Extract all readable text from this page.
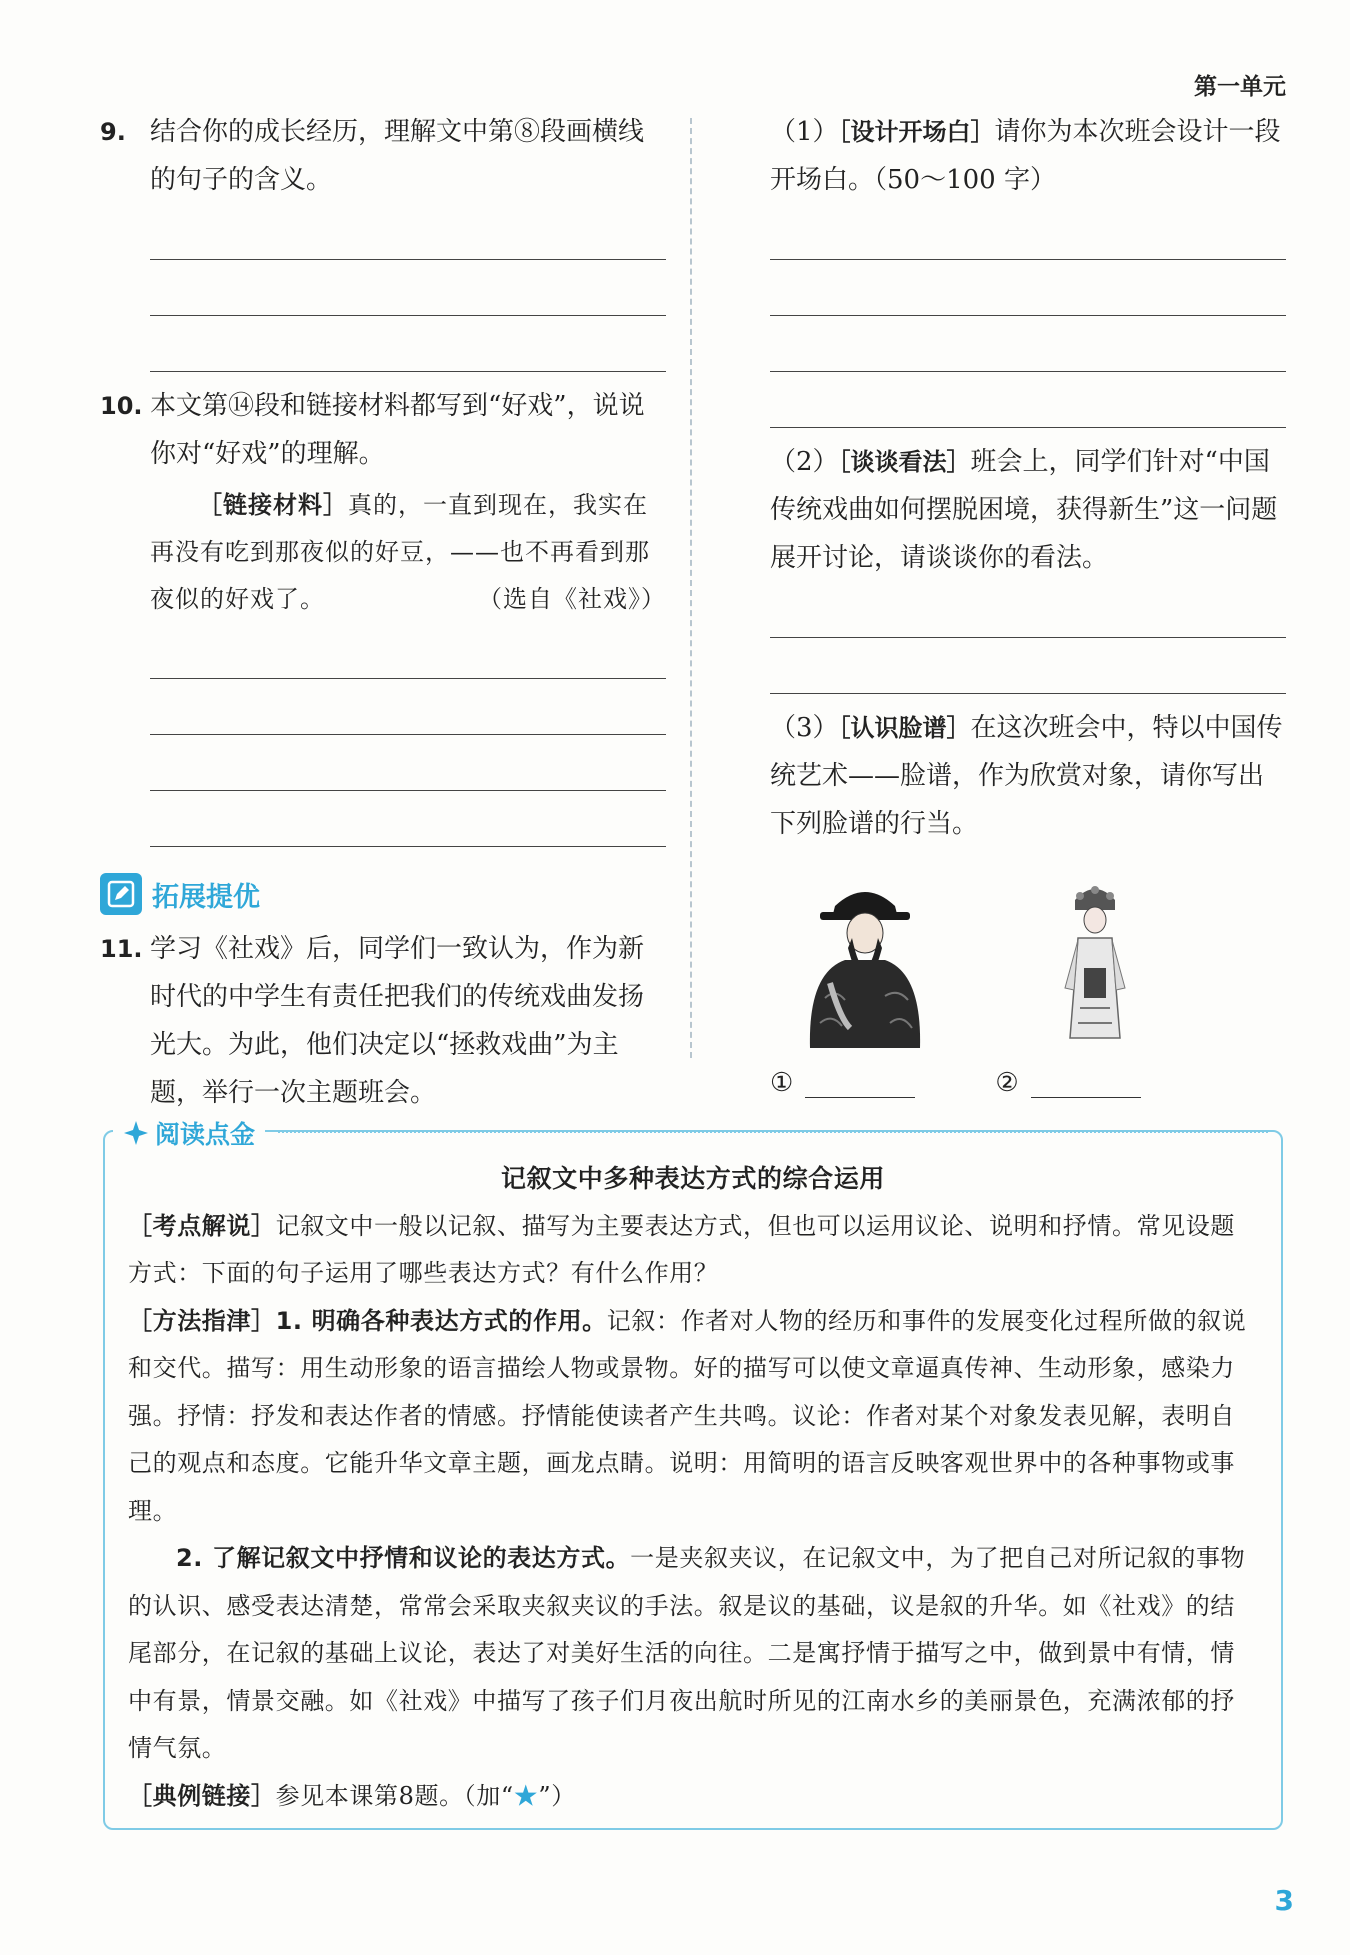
第一单元
9. 结合你的成长经历，理解文中第⑧段画横线的句子的含义。
10. 本文第⑭段和链接材料都写到“好戏”，说说你对“好戏”的理解。
［链接材料］真的，一直到现在，我实在再没有吃到那夜似的好豆，——也不再看到那夜似的好戏了。	（选自《社戏》）
拓展提优
11. 学习《社戏》后，同学们一致认为，作为新时代的中学生有责任把我们的传统戏曲发扬光大。为此，他们决定以“拯救戏曲”为主题，举行一次主题班会。
（1）［设计开场白］请你为本次班会设计一段开场白。（50～100 字）
（2）［谈谈看法］班会上，同学们针对“中国传统戏曲如何摆脱困境，获得新生”这一问题展开讨论，请谈谈你的看法。
（3）［认识脸谱］在这次班会中，特以中国传统艺术——脸谱，作为欣赏对象，请你写出下列脸谱的行当。
①	②
阅读点金
记叙文中多种表达方式的综合运用
［考点解说］记叙文中一般以记叙、描写为主要表达方式，但也可以运用议论、说明和抒情。常见设题方式：下面的句子运用了哪些表达方式？有什么作用？
［方法指津］1. 明确各种表达方式的作用。记叙：作者对人物的经历和事件的发展变化过程所做的叙说和交代。描写：用生动形象的语言描绘人物或景物。好的描写可以使文章逼真传神、生动形象，感染力强。抒情：抒发和表达作者的情感。抒情能使读者产生共鸣。议论：作者对某个对象发表见解，表明自己的观点和态度。它能升华文章主题，画龙点睛。说明：用简明的语言反映客观世界中的各种事物或事理。
2. 了解记叙文中抒情和议论的表达方式。一是夹叙夹议，在记叙文中，为了把自己对所记叙的事物的认识、感受表达清楚，常常会采取夹叙夹议的手法。叙是议的基础，议是叙的升华。如《社戏》的结尾部分，在记叙的基础上议论，表达了对美好生活的向往。二是寓抒情于描写之中，做到景中有情，情中有景，情景交融。如《社戏》中描写了孩子们月夜出航时所见的江南水乡的美丽景色，充满浓郁的抒情气氛。
［典例链接］参见本课第8题。（加“★”）
3
